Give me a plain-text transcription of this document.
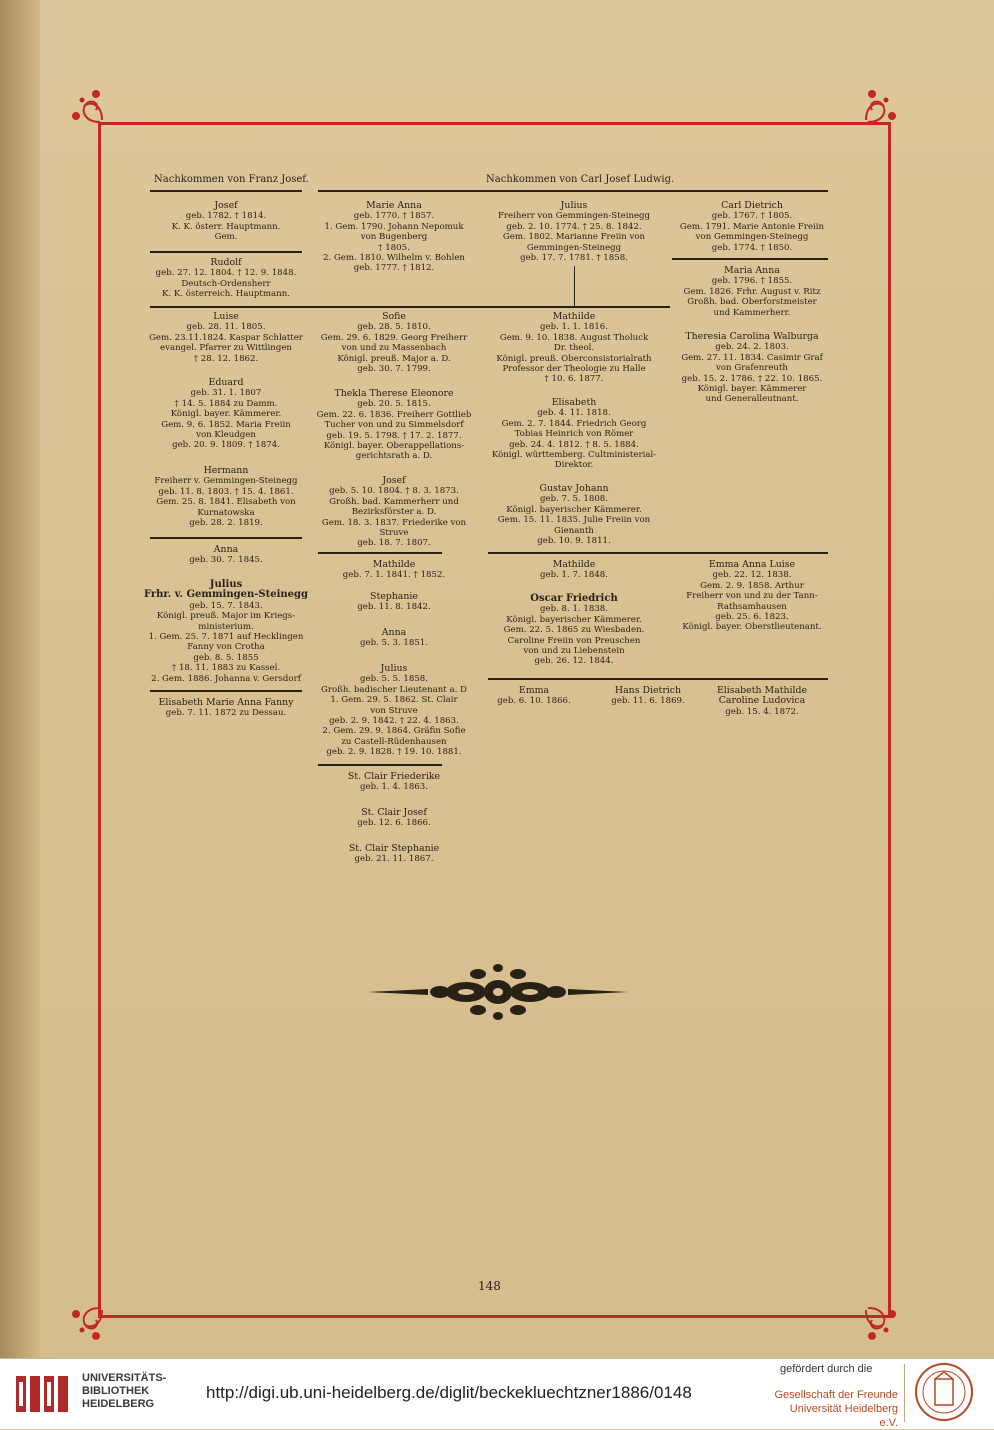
Nachkommen von Franz Josef.	Nachkommen von Carl Josef Ludwig.
Josef
geb. 1782. † 1814.
K. K. österr. Hauptmann.
Gem.
Rudolf
geb. 27. 12. 1804. † 12. 9. 1848.
Deutsch-Ordensherr
K. K. österreich. Hauptmann.
Luise
geb. 28. 11. 1805.
Gem. 23.11.1824. Kaspar Schlatter
evangel. Pfarrer zu Wittlingen
† 28. 12. 1862.
Eduard
geb. 31. 1. 1807
† 14. 5. 1884 zu Damm.
Königl. bayer. Kämmerer.
Gem. 9. 6. 1852. Maria Freiin
von Kleudgen
geb. 20. 9. 1809. † 1874.
Hermann
Freiherr v. Gemmingen-Steinegg
geb. 11. 8. 1803. † 15. 4. 1861.
Gem. 25. 8. 1841. Elisabeth von
Kurnatowska
geb. 28. 2. 1819.
Anna
geb. 30. 7. 1845.
Julius
Frhr. v. Gemmingen-Steinegg
geb. 15. 7. 1843.
Königl. preuß. Major im Kriegs-
ministerium.
1. Gem. 25. 7. 1871 auf Hecklingen
Fanny von Crotha
geb. 8. 5. 1855
† 18. 11. 1883 zu Kassel.
2. Gem. 1886. Johanna v. Gersdorf
Elisabeth Marie Anna Fanny
geb. 7. 11. 1872 zu Dessau.
Marie Anna
geb. 1770. † 1857.
1. Gem. 1790. Johann Nepomuk
von Bugenberg
† 1805.
2. Gem. 1810. Wilhelm v. Bohlen
geb. 1777. † 1812.
Sofie
geb. 28. 5. 1810.
Gem. 29. 6. 1829. Georg Freiherr
von und zu Massenbach
Königl. preuß. Major a. D.
geb. 30. 7. 1799.
Thekla Therese Eleonore
geb. 20. 5. 1815.
Gem. 22. 6. 1836. Freiherr Gottlieb
Tucher von und zu Simmelsdorf
geb. 19. 5. 1798. † 17. 2. 1877.
Königl. bayer. Oberappellations-
gerichtsrath a. D.
Josef
geb. 5. 10. 1804. † 8. 3. 1873.
Großh. bad. Kammerherr und
Bezirksförster a. D.
Gem. 18. 3. 1837. Friederike von
Struve
geb. 18. 7. 1807.
Mathilde
geb. 7. 1. 1841. † 1852.
Stephanie
geb. 11. 8. 1842.
Anna
geb. 5. 3. 1851.
Julius
geb. 5. 5. 1858.
Großh. badischer Lieutenant a. D
1. Gem. 29. 5. 1862. St. Clair
von Struve
geb. 2. 9. 1842. † 22. 4. 1863.
2. Gem. 29. 9. 1864. Gräfin Sofie
zu Castell-Rüdenhausen
geb. 2. 9. 1828. † 19. 10. 1881.
St. Clair Friederike
geb. 1. 4. 1863.
St. Clair Josef
geb. 12. 6. 1866.
St. Clair Stephanie
geb. 21. 11. 1867.
Julius
Freiherr von Gemmingen-Steinegg
geb. 2. 10. 1774. † 25. 8. 1842.
Gem. 1802. Marianne Freiin von
Gemmingen-Steinegg
geb. 17. 7. 1781. † 1858.
Mathilde
geb. 1. 1. 1816.
Gem. 9. 10. 1838. August Tholuck
Dr. theol.
Königl. preuß. Oberconsistorialrath
Professor der Theologie zu Halle
† 10. 6. 1877.
Elisabeth
geb. 4. 11. 1818.
Gem. 2. 7. 1844. Friedrich Georg
Tobias Heinrich von Römer
geb. 24. 4. 1812. † 8. 5. 1884.
Königl. württemberg. Cultministerial-
Direktor.
Gustav Johann
geb. 7. 5. 1808.
Königl. bayerischer Kämmerer.
Gem. 15. 11. 1835. Julie Freiin von
Gienanth
geb. 10. 9. 1811.
Mathilde
geb. 1. 7. 1848.
Oscar Friedrich
geb. 8. 1. 1838.
Königl. bayerischer Kämmerer.
Gem. 22. 5. 1865 zu Wiesbaden.
Caroline Freiin von Preuschen
von und zu Liebenstein
geb. 26. 12. 1844.
Emma
geb. 6. 10. 1866.
Hans Dietrich
geb. 11. 6. 1869.
Carl Dietrich
geb. 1767. † 1805.
Gem. 1791. Marie Antonie Freiin
von Gemmingen-Steinegg
geb. 1774. † 1850.
Maria Anna
geb. 1796. † 1855.
Gem. 1826. Frhr. August v. Ritz
Großh. bad. Oberforstmeister
und Kammerherr.
Theresia Carolina Walburga
geb. 24. 2. 1803.
Gem. 27. 11. 1834. Casimir Graf
von Grafenreuth
geb. 15. 2. 1786. † 22. 10. 1865.
Königl. bayer. Kämmerer
und Generalleutnant.
Emma Anna Luise
geb. 22. 12. 1838.
Gem. 2. 9. 1858. Arthur
Freiherr von und zu der Tann-
Rathsamhausen
geb. 25. 6. 1823.
Königl. bayer. Oberstlieutenant.
Elisabeth Mathilde
Caroline Ludovica
geb. 15. 4. 1872.
148
UNIVERSITÄTS-
BIBLIOTHEK
HEIDELBERG
http://digi.ub.uni-heidelberg.de/diglit/beckekluechtzner1886/0148
gefördert durch die
Gesellschaft der Freunde
Universität Heidelberg e.V.
